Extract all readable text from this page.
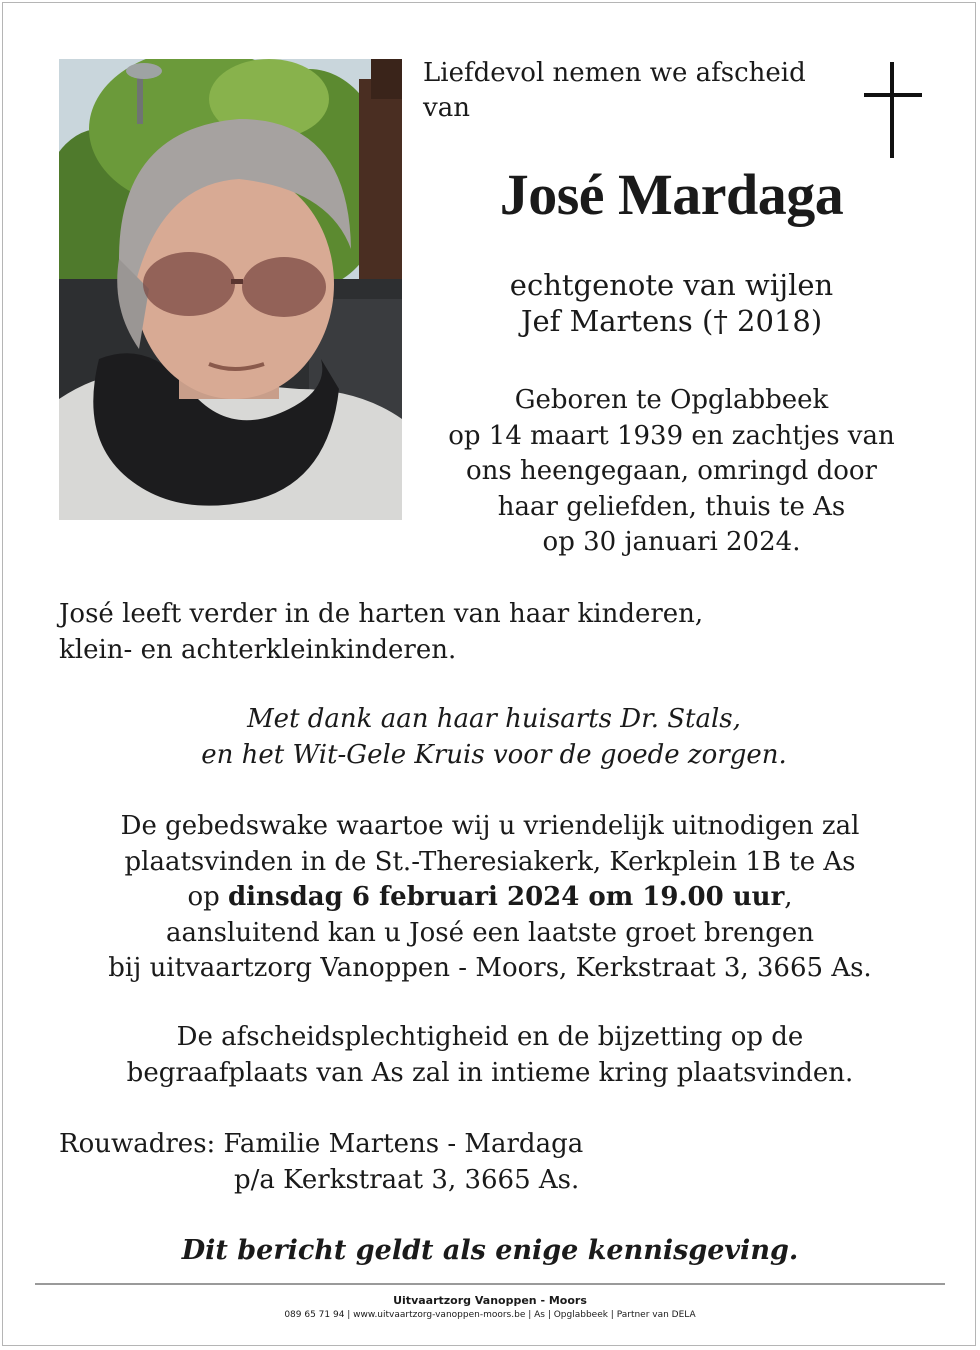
Liefdevol nemen we afscheid
van
José Mardaga
echtgenote van wijlen
Jef Martens († 2018)
Geboren te Opglabbeek
op 14 maart 1939 en zachtjes van
ons heengegaan, omringd door
haar geliefden, thuis te As
op 30 januari 2024.
José leeft verder in de harten van haar kinderen,
klein- en achterkleinkinderen.
Met dank aan haar huisarts Dr. Stals,
en het Wit-Gele Kruis voor de goede zorgen.
De gebedswake waartoe wij u vriendelijk uitnodigen zal
plaatsvinden in de St.-Theresiakerk, Kerkplein 1B te As
op dinsdag 6 februari 2024 om 19.00 uur,
aansluitend kan u José een laatste groet brengen
bij uitvaartzorg Vanoppen - Moors, Kerkstraat 3, 3665 As.
De afscheidsplechtigheid en de bijzetting op de
begraafplaats van As zal in intieme kring plaatsvinden.
Rouwadres: Familie Martens - Mardaga
p/a Kerkstraat 3, 3665 As.
Dit bericht geldt als enige kennisgeving.
Uitvaartzorg Vanoppen - Moors
089 65 71 94 | www.uitvaartzorg-vanoppen-moors.be | As | Opglabbeek | Partner van DELA
